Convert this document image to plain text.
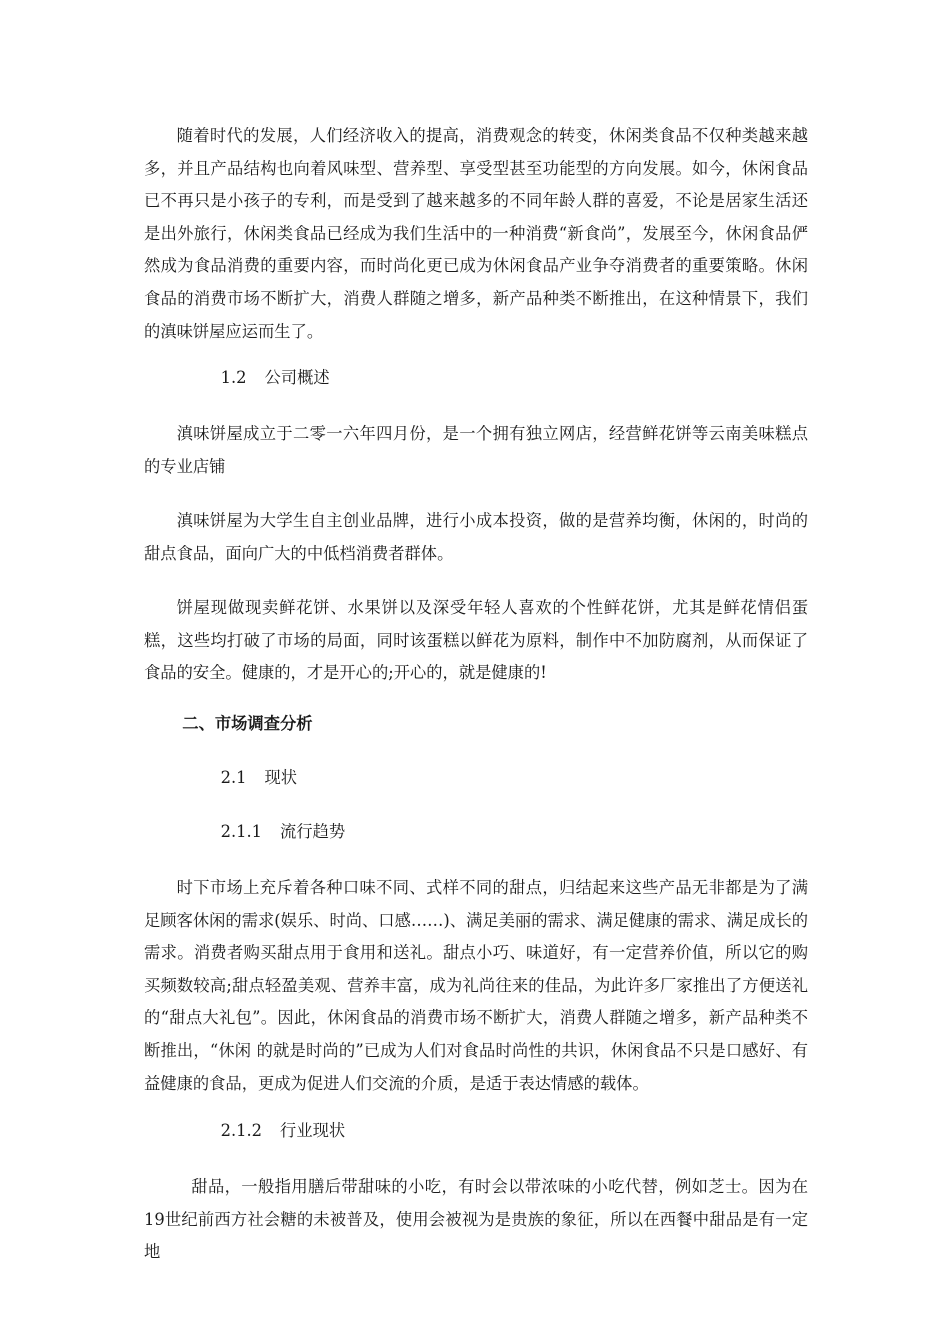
随着时代的发展，人们经济收入的提高，消费观念的转变，休闲类食品不仅种类越来越多，并且产品结构也向着风味型、营养型、享受型甚至功能型的方向发展。如今，休闲食品已不再只是小孩子的专利，而是受到了越来越多的不同年龄人群的喜爱，不论是居家生活还是出外旅行，休闲类食品已经成为我们生活中的一种消费“新食尚”，发展至今，休闲食品俨然成为食品消费的重要内容，而时尚化更已成为休闲食品产业争夺消费者的重要策略。休闲食品的消费市场不断扩大，消费人群随之增多，新产品种类不断推出，在这种情景下，我们的滇味饼屋应运而生了。

1.2 公司概述

滇味饼屋成立于二零一六年四月份，是一个拥有独立网店，经营鲜花饼等云南美味糕点的专业店铺

滇味饼屋为大学生自主创业品牌，进行小成本投资，做的是营养均衡，休闲的，时尚的甜点食品，面向广大的中低档消费者群体。

饼屋现做现卖鲜花饼、水果饼以及深受年轻人喜欢的个性鲜花饼，尤其是鲜花情侣蛋糕，这些均打破了市场的局面，同时该蛋糕以鲜花为原料，制作中不加防腐剂，从而保证了食品的安全。健康的，才是开心的;开心的，就是健康的!

二、市场调查分析
2.1 现状
2.1.1 流行趋势

时下市场上充斥着各种口味不同、式样不同的甜点，归结起来这些产品无非都是为了满足顾客休闲的需求(娱乐、时尚、口感……)、满足美丽的需求、满足健康的需求、满足成长的需求。消费者购买甜点用于食用和送礼。甜点小巧、味道好，有一定营养价值，所以它的购买频数较高;甜点轻盈美观、营养丰富，成为礼尚往来的佳品，为此许多厂家推出了方便送礼的“甜点大礼包”。因此，休闲食品的消费市场不断扩大，消费人群随之增多，新产品种类不断推出，“休闲 的就是时尚的”已成为人们对食品时尚性的共识，休闲食品不只是口感好、有益健康的食品，更成为促进人们交流的介质，是适于表达情感的载体。

2.1.2 行业现状

甜品，一般指用膳后带甜味的小吃，有时会以带浓味的小吃代替，例如芝士。因为在19世纪前西方社会糖的未被普及，使用会被视为是贵族的象征，所以在西餐中甜品是有一定地
